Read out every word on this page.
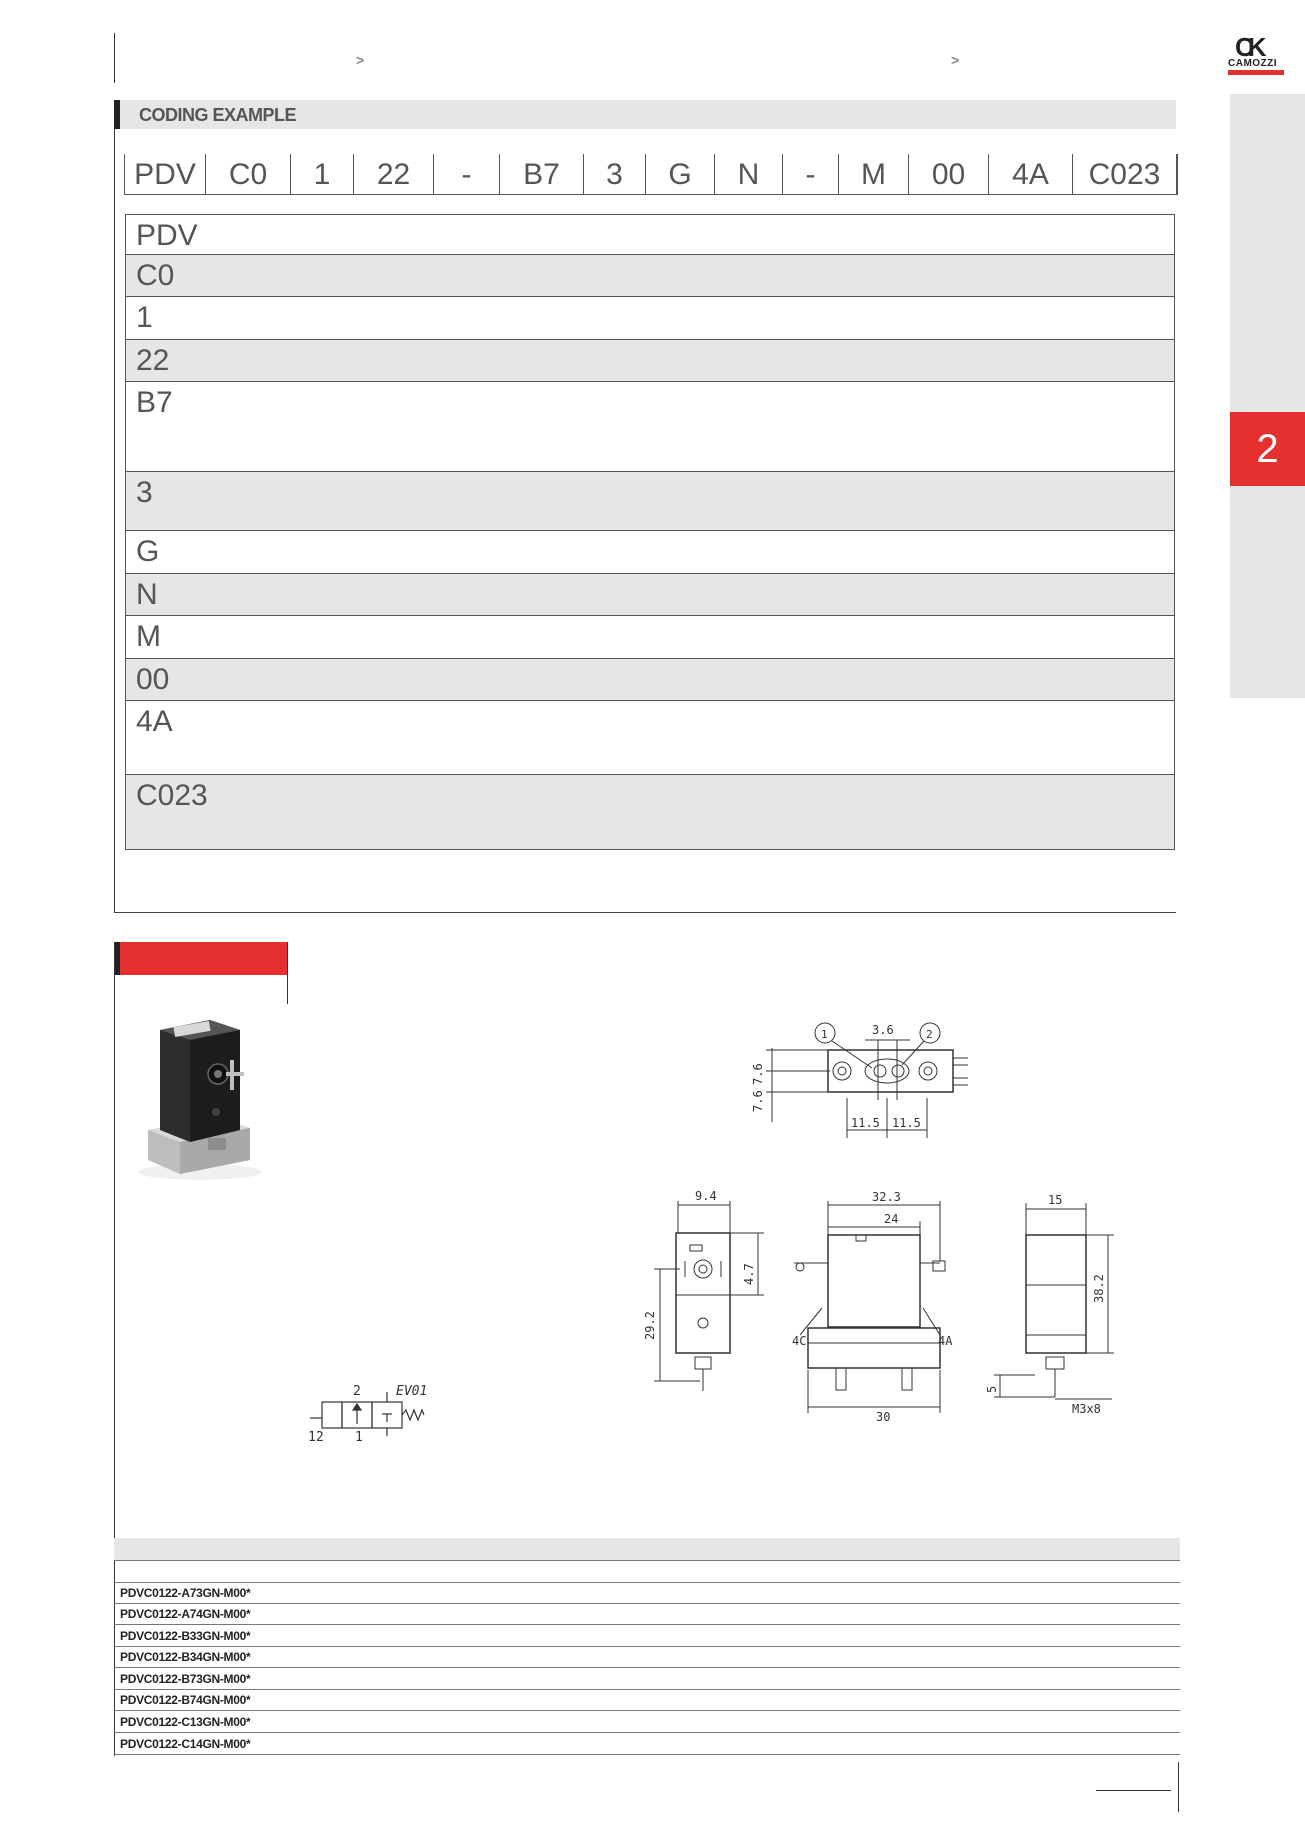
>	>	CK
CAMOZZI
2
CODING EXAMPLE
PDV C0 1 22 - B7 3 G N - M 00 4A C023
PDV
C0
1
22
B7
3
G
N
M
00
4A
C023
1	2
3.6
7.6
7.6
11.5 11.5
9.4
29.2
4.7
32.3
24
30
4C	4A
15
38.2
5
M3x8
EV01
2
12 1
PDVC0122-A73GN-M00*
PDVC0122-A74GN-M00*
PDVC0122-B33GN-M00*
PDVC0122-B34GN-M00*
PDVC0122-B73GN-M00*
PDVC0122-B74GN-M00*
PDVC0122-C13GN-M00*
PDVC0122-C14GN-M00*
